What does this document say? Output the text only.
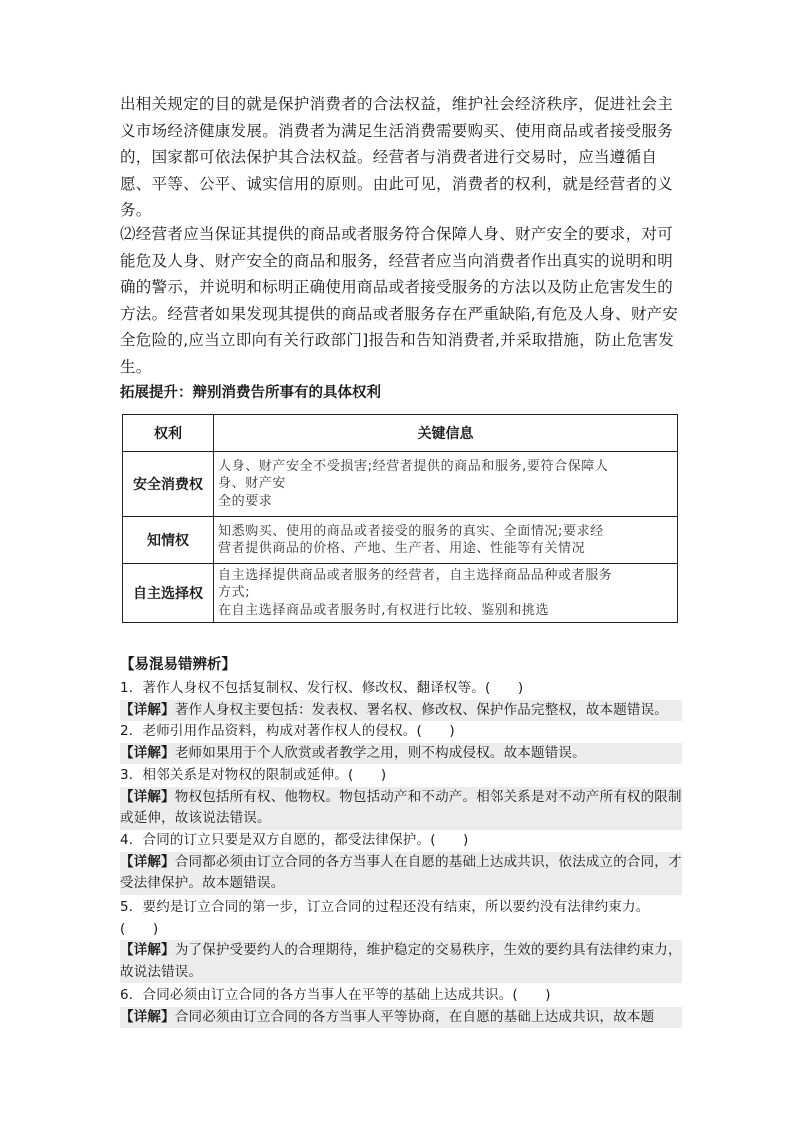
出相关规定的目的就是保护消费者的合法权益，维护社会经济秩序，促进社会主义市场经济健康发展。消费者为满足生活消费需要购买、使用商品或者接受服务的，国家都可依法保护其合法权益。经营者与消费者进行交易时，应当遵循自愿、平等、公平、诚实信用的原则。由此可见，消费者的权利，就是经营者的义务。
⑵经营者应当保证其提供的商品或者服务符合保障人身、财产安全的要求，对可能危及人身、财产安全的商品和服务，经营者应当向消费者作出真实的说明和明确的警示，并说明和标明正确使用商品或者接受服务的方法以及防止危害发生的方法。经营者如果发现其提供的商品或者服务存在严重缺陷,有危及人身、财产安全危险的,应当立即向有关行政部门]报告和告知消费者,并采取措施，防止危害发生。
拓展提升：辩别消费告所事有的具体权利
权利	关键信息
安全消费权	人身、财产安全不受损害;经营者提供的商品和服务,要符合保障人
身、财产安
全的要求

知情权	知悉购买、使用的商品或者接受的服务的真实、全面情况;要求经
营者提供商品的价格、产地、生产者、用途、性能等有关情况

自主选择权	自主选择提供商品或者服务的经营者，自主选择商品品种或者服务
方式;
在自主选择商品或者服务时,有权进行比较、鉴别和挑选
【易混易错辨析】
1．著作人身权不包括复制权、发行权、修改权、翻译权等。(　　)
【详解】著作人身权主要包括：发表权、署名权、修改权、保护作品完整权，故本题错误。
2．老师引用作品资料，构成对著作权人的侵权。(　　)
【详解】老师如果用于个人欣赏或者教学之用，则不构成侵权。故本题错误。
3．相邻关系是对物权的限制或延伸。(　　)
【详解】物权包括所有权、他物权。物包括动产和不动产。相邻关系是对不动产所有权的限制或延伸，故该说法错误。
4．合同的订立只要是双方自愿的，都受法律保护。(　　)
【详解】合同都必须由订立合同的各方当事人在自愿的基础上达成共识，依法成立的合同，才受法律保护。故本题错误。
5．要约是订立合同的第一步，订立合同的过程还没有结束，所以要约没有法律约束力。(　　)
【详解】为了保护受要约人的合理期待，维护稳定的交易秩序，生效的要约具有法律约束力，故说法错误。
6．合同必须由订立合同的各方当事人在平等的基础上达成共识。(　　)
【详解】合同必须由订立合同的各方当事人平等协商，在自愿的基础上达成共识，故本题
